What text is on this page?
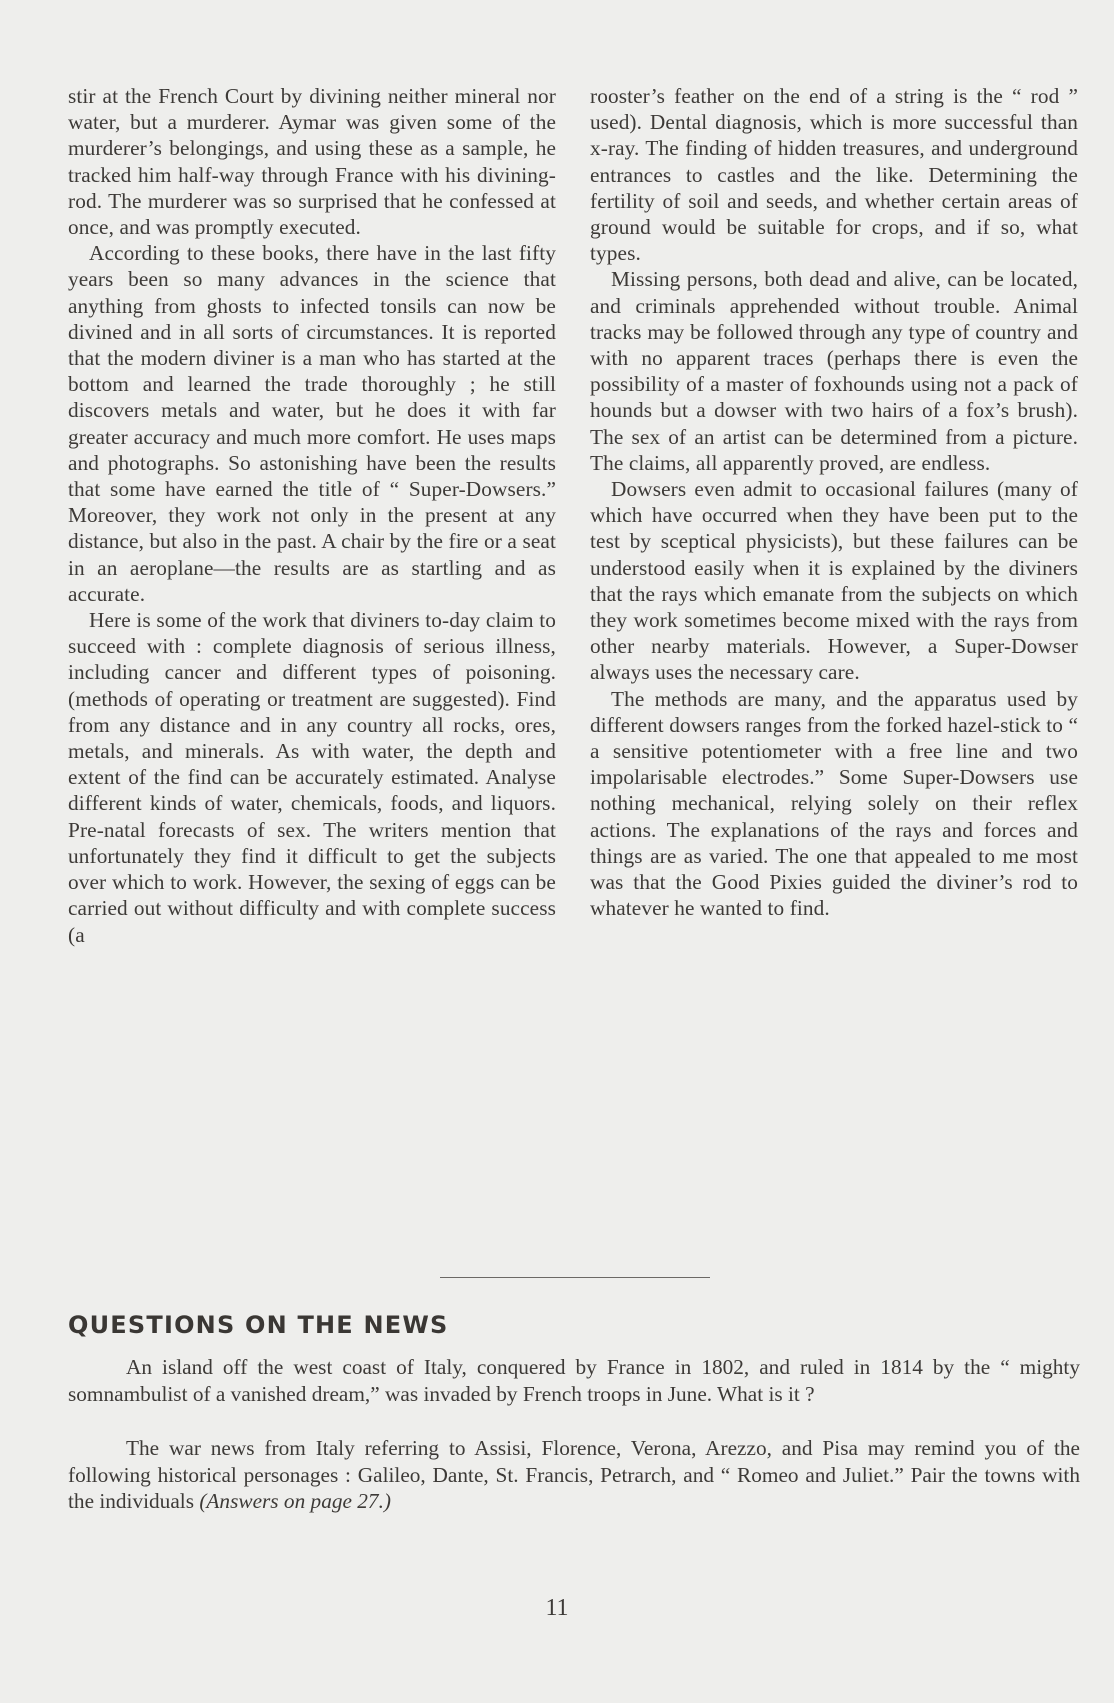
stir at the French Court by divining neither mineral nor water, but a murderer. Aymar was given some of the murderer’s belongings, and using these as a sample, he tracked him half-way through France with his divining-rod. The murderer was so surprised that he confessed at once, and was promptly executed.

According to these books, there have in the last fifty years been so many advances in the science that anything from ghosts to infected tonsils can now be divined and in all sorts of circumstances. It is reported that the modern diviner is a man who has started at the bottom and learned the trade thoroughly ; he still discovers metals and water, but he does it with far greater accuracy and much more comfort. He uses maps and photographs. So astonishing have been the results that some have earned the title of “ Super-Dowsers.” Moreover, they work not only in the present at any distance, but also in the past. A chair by the fire or a seat in an aeroplane—the results are as startling and as accurate.

Here is some of the work that diviners to-day claim to succeed with : complete diagnosis of serious illness, including cancer and different types of poisoning. (methods of operating or treatment are suggested). Find from any distance and in any country all rocks, ores, metals, and minerals. As with water, the depth and extent of the find can be accurately estimated. Analyse different kinds of water, chemicals, foods, and liquors. Pre-natal forecasts of sex. The writers mention that unfortunately they find it difficult to get the subjects over which to work. However, the sexing of eggs can be carried out without difficulty and with complete success (a

rooster’s feather on the end of a string is the “ rod ” used). Dental diagnosis, which is more successful than x-ray. The finding of hidden treasures, and underground entrances to castles and the like. Determining the fertility of soil and seeds, and whether certain areas of ground would be suitable for crops, and if so, what types.

Missing persons, both dead and alive, can be located, and criminals apprehended without trouble. Animal tracks may be followed through any type of country and with no apparent traces (perhaps there is even the possibility of a master of foxhounds using not a pack of hounds but a dowser with two hairs of a fox’s brush). The sex of an artist can be determined from a picture. The claims, all apparently proved, are endless.

Dowsers even admit to occasional failures (many of which have occurred when they have been put to the test by sceptical physicists), but these failures can be understood easily when it is explained by the diviners that the rays which emanate from the subjects on which they work sometimes become mixed with the rays from other nearby materials. However, a Super-Dowser always uses the necessary care.

The methods are many, and the apparatus used by different dowsers ranges from the forked hazel-stick to “ a sensitive potentiometer with a free line and two impolarisable electrodes.” Some Super-Dowsers use nothing mechanical, relying solely on their reflex actions. The explanations of the rays and forces and things are as varied. The one that appealed to me most was that the Good Pixies guided the diviner’s rod to whatever he wanted to find.

QUESTIONS ON THE NEWS

An island off the west coast of Italy, conquered by France in 1802, and ruled in 1814 by the “ mighty somnambulist of a vanished dream,” was invaded by French troops in June. What is it ?

The war news from Italy referring to Assisi, Florence, Verona, Arezzo, and Pisa may remind you of the following historical personages : Galileo, Dante, St. Francis, Petrarch, and “ Romeo and Juliet.” Pair the towns with the individuals (Answers on page 27.)

11
